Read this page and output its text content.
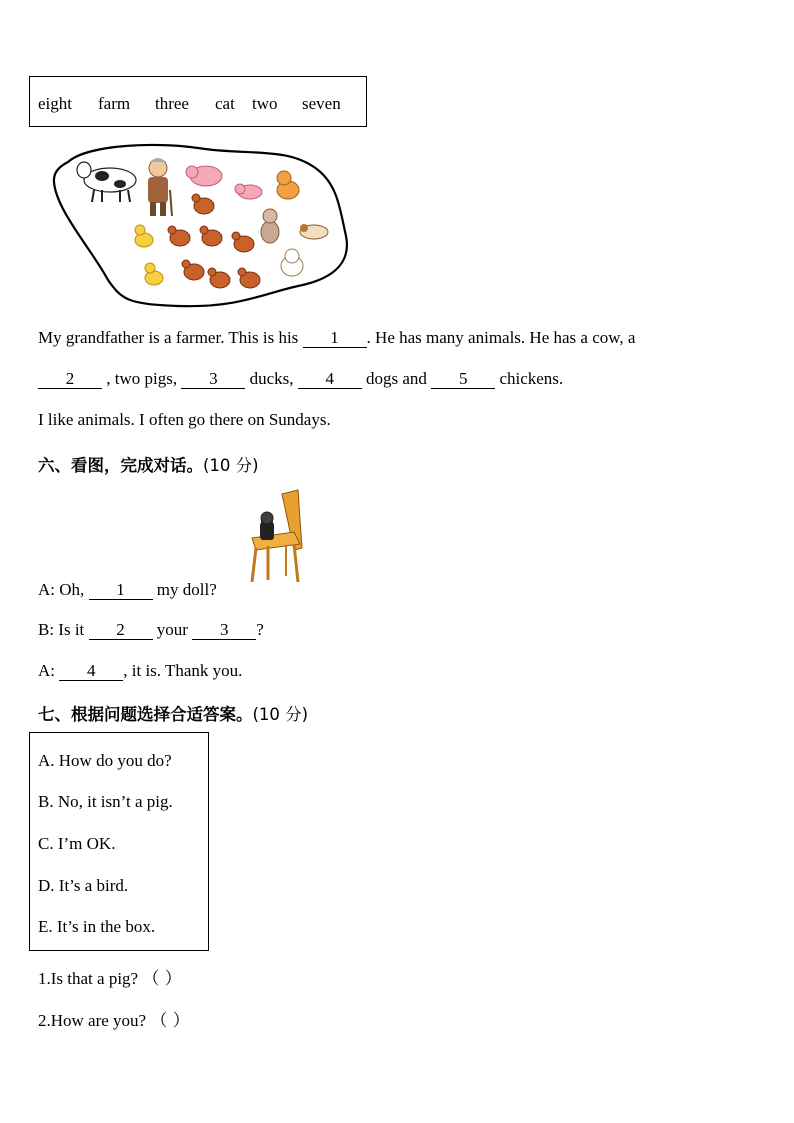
eight farm three cat two seven
My grandfather is a farmer. This is his 1 . He has many animals. He has a cow, a
2 , two pigs, 3 ducks, 4 dogs and 5 chickens.
I like animals. I often go there on Sundays.
六、看图，完成对话。(10 分)
A: Oh, 1 my doll?
B: Is it 2 your 3 ?
A: 4 , it is. Thank you.
七、根据问题选择合适答案。(10 分)
A. How do you do?
B. No, it isn’t a pig.
C. I’m OK.
D. It’s a bird.
E. It’s in the box.
1.Is that a pig? （ ）
2.How are you? （ ）
